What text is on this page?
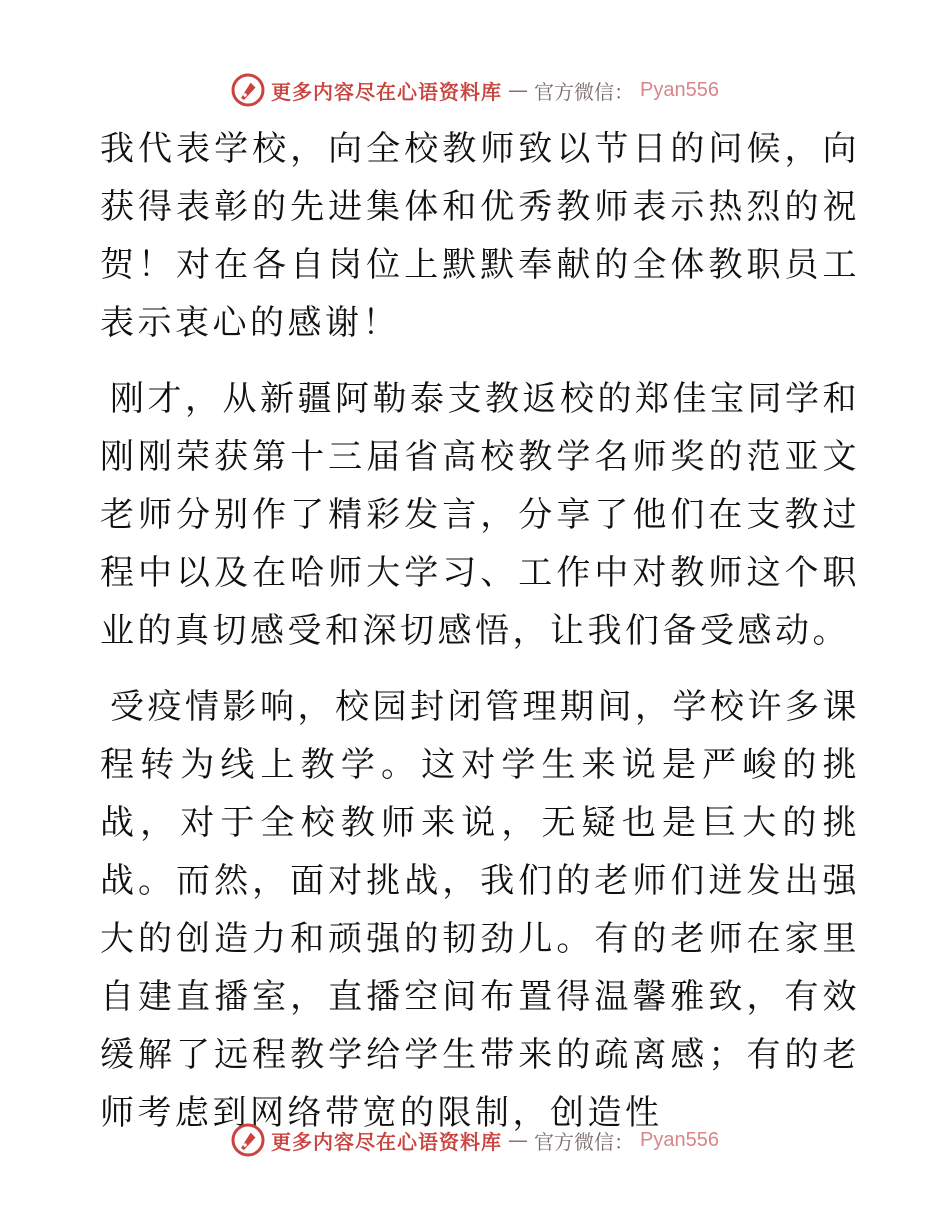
更多内容尽在心语资料库 — 官方微信： Pyan556

我代表学校，向全校教师致以节日的问候，向获得表彰的先进集体和优秀教师表示热烈的祝贺！对在各自岗位上默默奉献的全体教职员工表示衷心的感谢！

刚才，从新疆阿勒泰支教返校的郑佳宝同学和刚刚荣获第十三届省高校教学名师奖的范亚文老师分别作了精彩发言，分享了他们在支教过程中以及在哈师大学习、工作中对教师这个职业的真切感受和深切感悟，让我们备受感动。

受疫情影响，校园封闭管理期间，学校许多课程转为线上教学。这对学生来说是严峻的挑战，对于全校教师来说，无疑也是巨大的挑战。而然，面对挑战，我们的老师们迸发出强大的创造力和顽强的韧劲儿。有的老师在家里自建直播室，直播空间布置得温馨雅致，有效缓解了远程教学给学生带来的疏离感；有的老师考虑到网络带宽的限制，创造性

更多内容尽在心语资料库 — 官方微信： Pyan556
